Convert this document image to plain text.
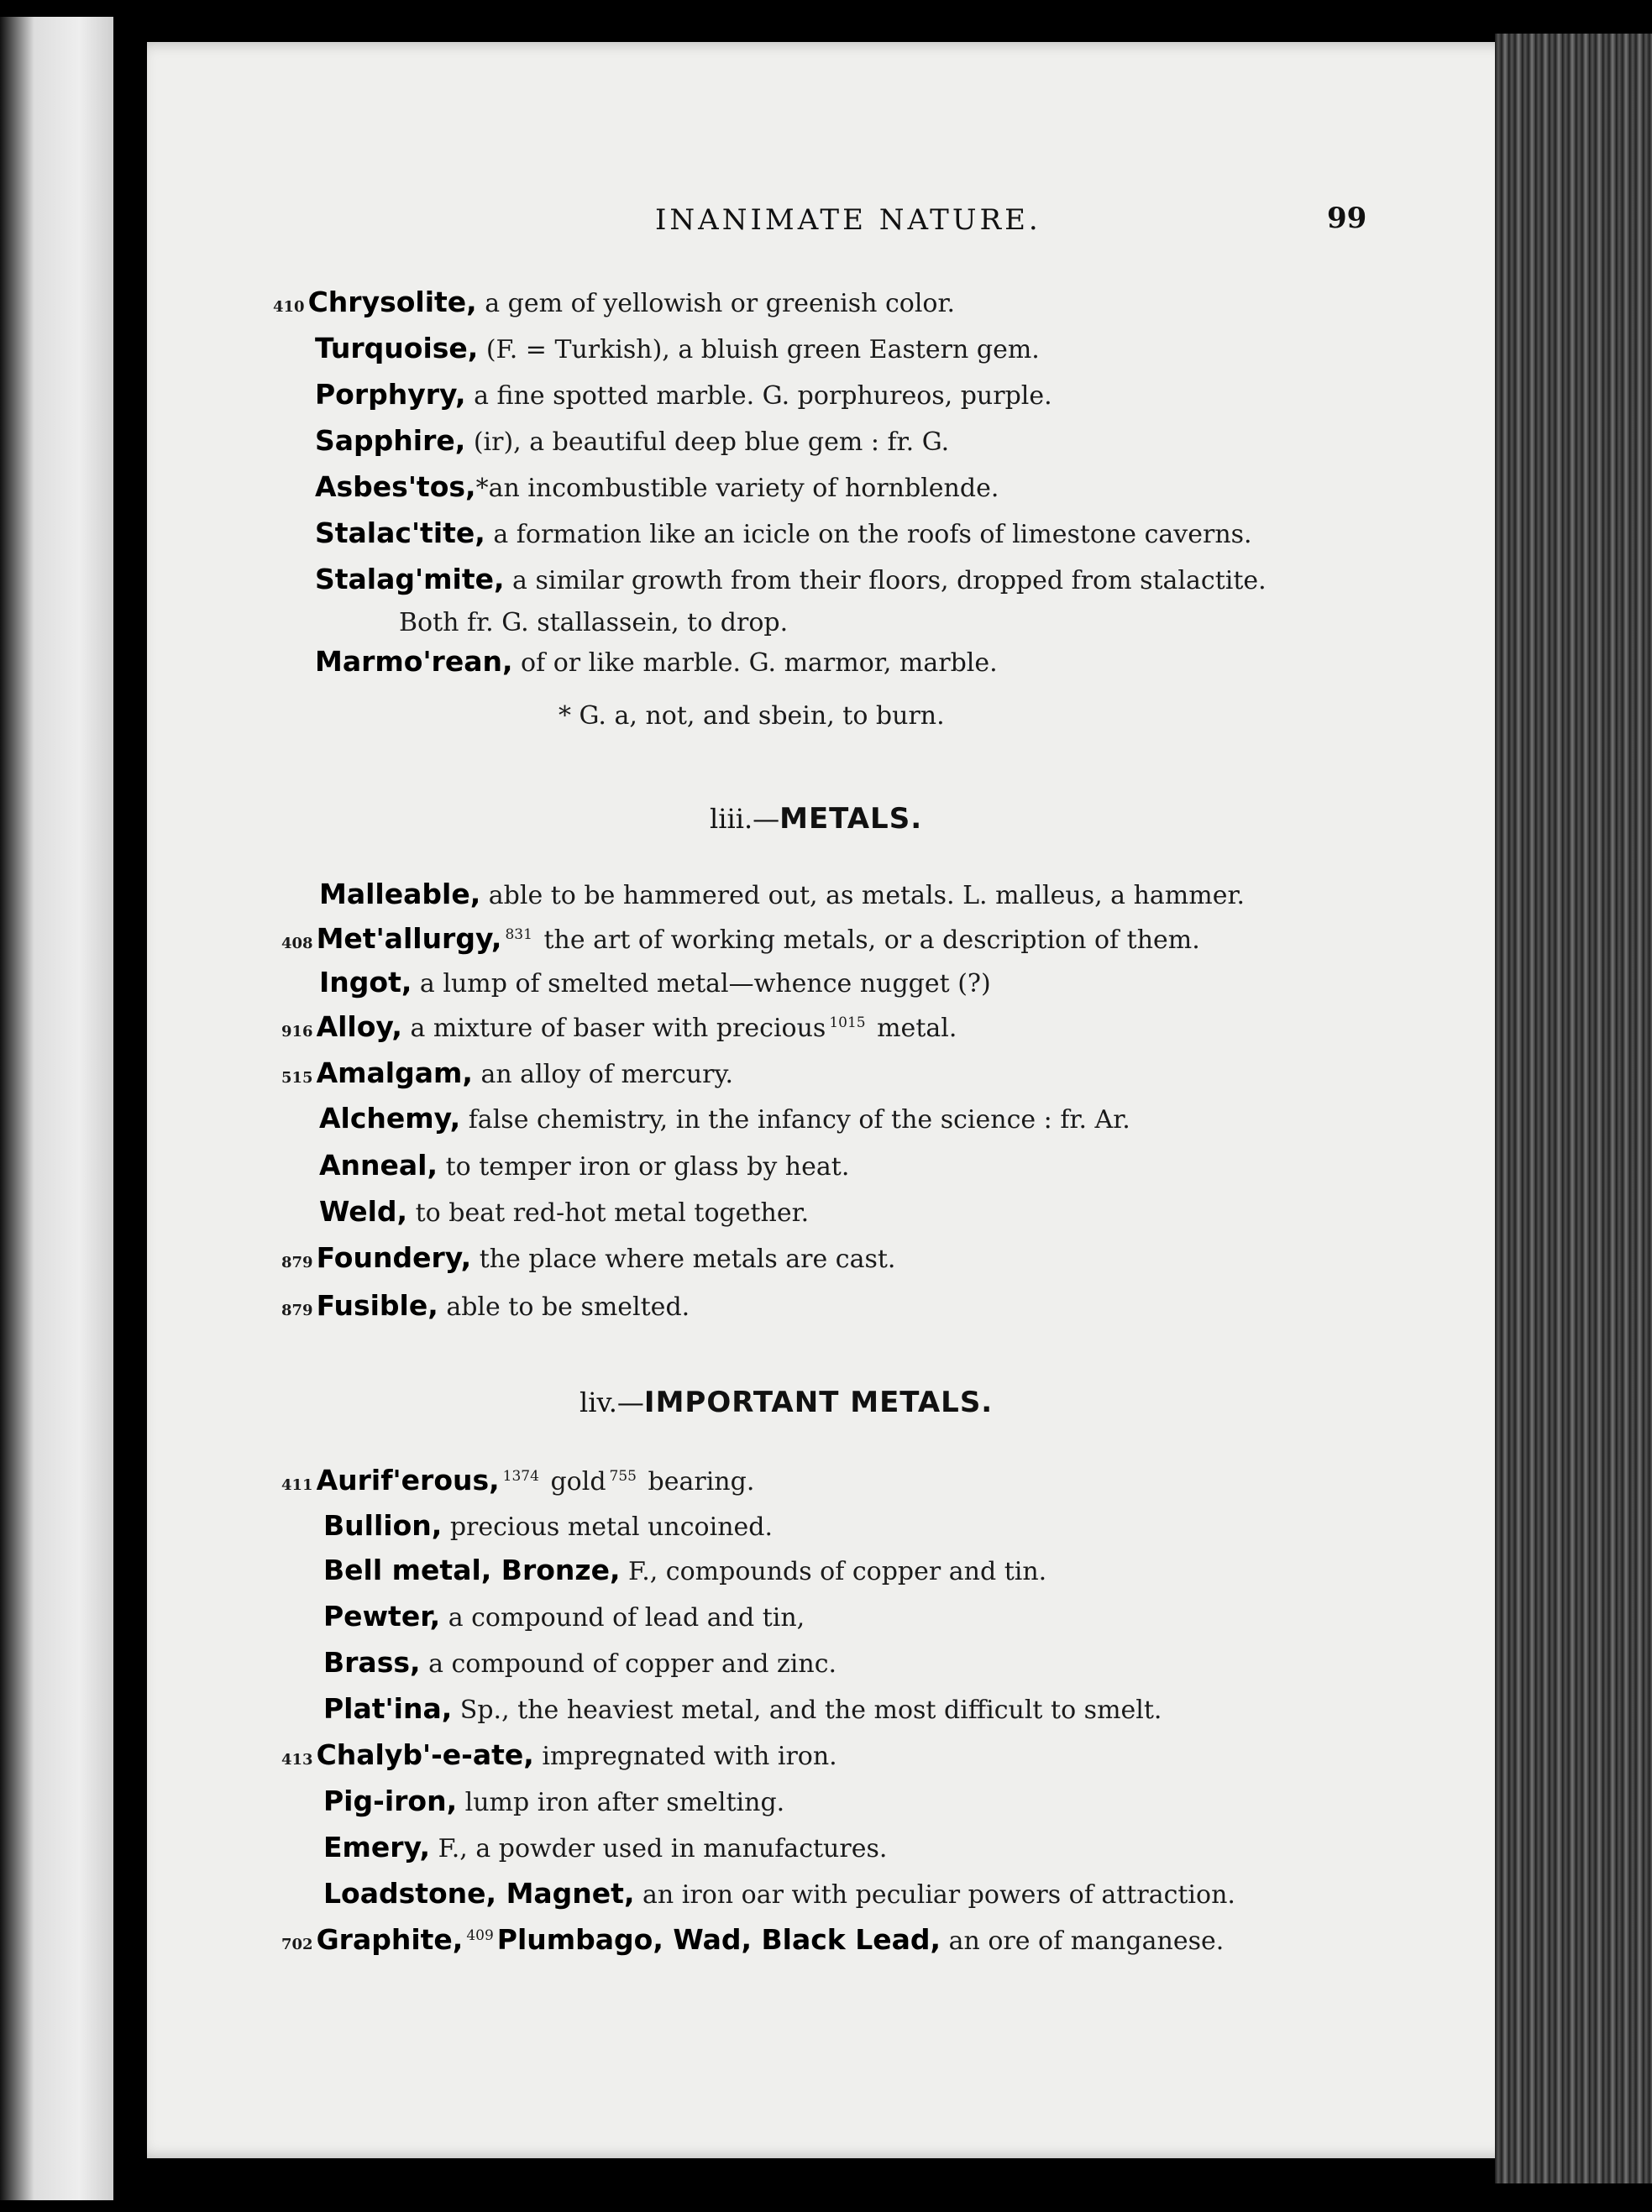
INANIMATE NATURE.	99
410 Chrysolite, a gem of yellowish or greenish color.
Turquoise, (F. = Turkish), a bluish green Eastern gem.
Porphyry, a fine spotted marble. G. porphureos, purple.
Sapphire, (ir), a beautiful deep blue gem : fr. G.
Asbes'tos,*an incombustible variety of hornblende.
Stalac'tite, a formation like an icicle on the roofs of limestone caverns.
Stalag'mite, a similar growth from their floors, dropped from stalactite.
Both fr. G. stallassein, to drop.
Marmo'rean, of or like marble. G. marmor, marble.
* G. a, not, and sbein, to burn.
liii.—METALS.
Malleable, able to be hammered out, as metals. L. malleus, a hammer.
408 Met'allurgy, $^{831}$ the art of working metals, or a description of them.
Ingot, a lump of smelted metal—whence nugget (?)
916 Alloy, a mixture of baser with precious $^{1015}$ metal.
515 Amalgam, an alloy of mercury.
Alchemy, false chemistry, in the infancy of the science : fr. Ar.
Anneal, to temper iron or glass by heat.
Weld, to beat red-hot metal together.
879 Foundery, the place where metals are cast.
879 Fusible, able to be smelted.
liv.—IMPORTANT METALS.
411 Aurif'erous, $^{1374}$ gold $^{755}$ bearing.
Bullion, precious metal uncoined.
Bell metal, Bronze, F., compounds of copper and tin.
Pewter, a compound of lead and tin,
Brass, a compound of copper and zinc.
Plat'ina, Sp., the heaviest metal, and the most difficult to smelt.
413 Chalyb'-e-ate, impregnated with iron.
Pig-iron, lump iron after smelting.
Emery, F., a powder used in manufactures.
Loadstone, Magnet, an iron oar with peculiar powers of attraction.
702 Graphite, $^{409}$ Plumbago, Wad, Black Lead, an ore of manganese.
